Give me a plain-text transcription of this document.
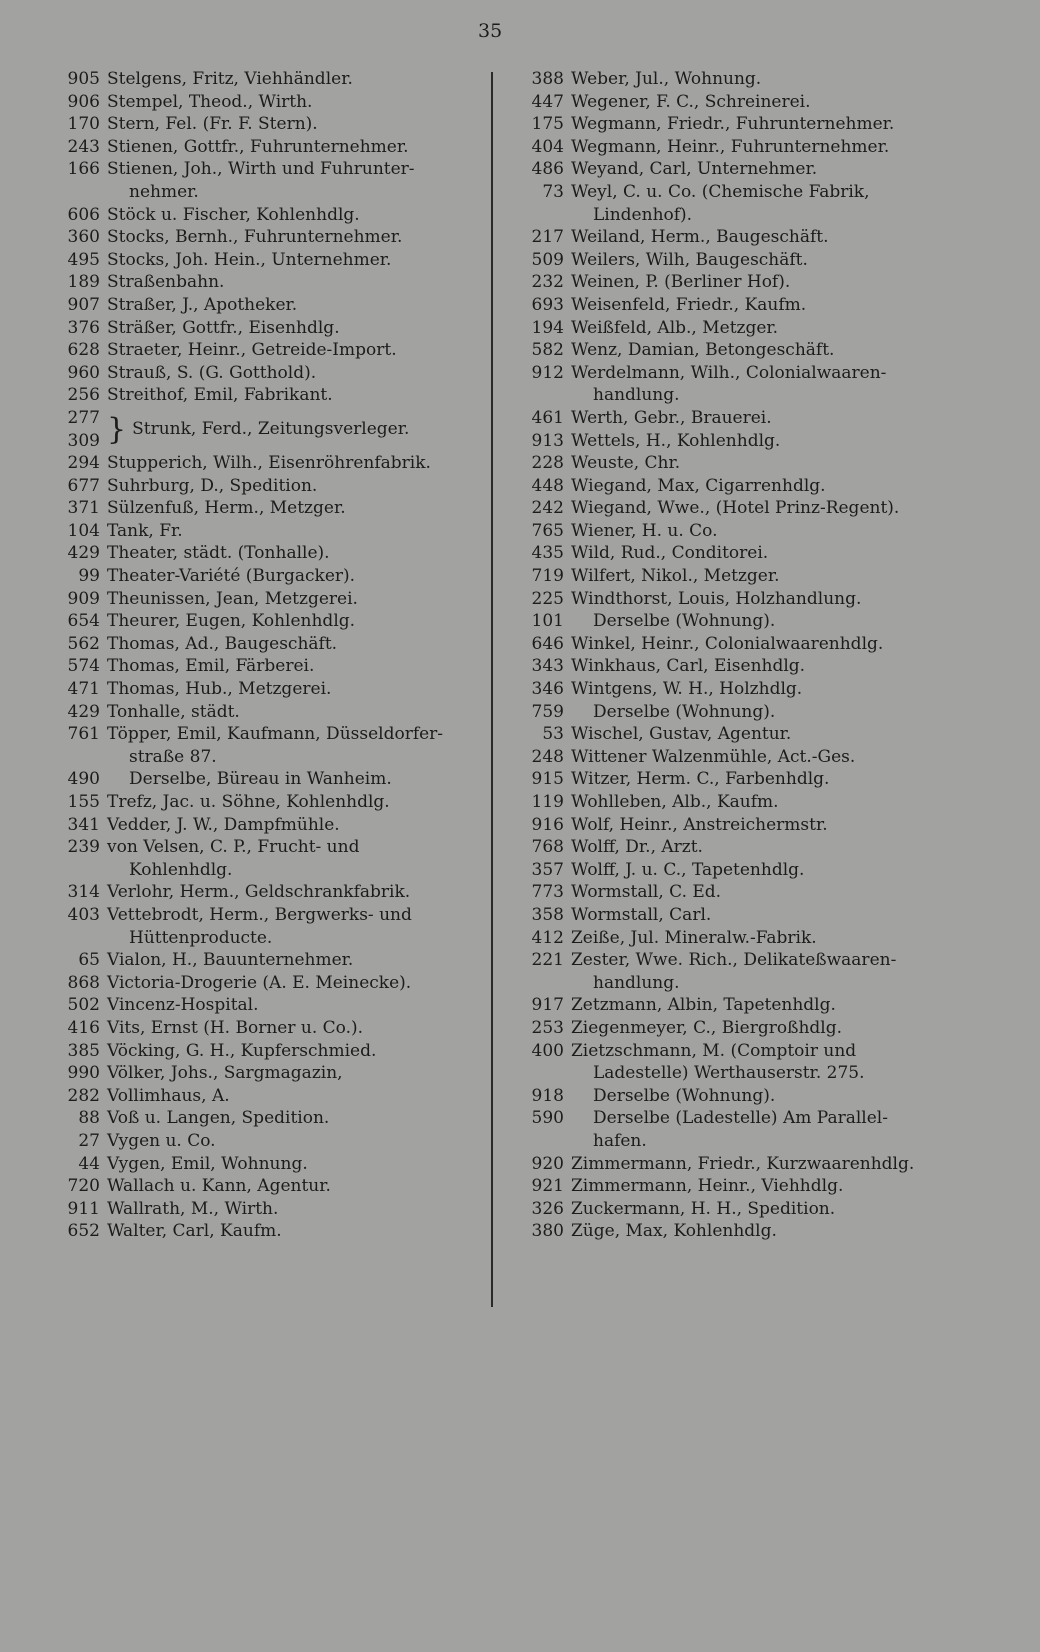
35
905 Stelgens, Fritz, Viehhändler.
906 Stempel, Theod., Wirth.
170 Stern, Fel. (Fr. F. Stern).
243 Stienen, Gottfr., Fuhrunternehmer.
166 Stienen, Joh., Wirth und Fuhrunter-
nehmer.
606 Stöck u. Fischer, Kohlenhdlg.
360 Stocks, Bernh., Fuhrunternehmer.
495 Stocks, Joh. Hein., Unternehmer.
189 Straßenbahn.
907 Straßer, J., Apotheker.
376 Sträßer, Gottfr., Eisenhdlg.
628 Straeter, Heinr., Getreide-Import.
960 Strauß, S. (G. Gotthold).
256 Streithof, Emil, Fabrikant.
277
309 } Strunk, Ferd., Zeitungsverleger.
294 Stupperich, Wilh., Eisenröhrenfabrik.
677 Suhrburg, D., Spedition.
371 Sülzenfuß, Herm., Metzger.
104 Tank, Fr.
429 Theater, städt. (Tonhalle).
99 Theater-Variété (Burgacker).
909 Theunissen, Jean, Metzgerei.
654 Theurer, Eugen, Kohlenhdlg.
562 Thomas, Ad., Baugeschäft.
574 Thomas, Emil, Färberei.
471 Thomas, Hub., Metzgerei.
429 Tonhalle, städt.
761 Töpper, Emil, Kaufmann, Düsseldorfer-
straße 87.
490	Derselbe, Büreau in Wanheim.
155 Trefz, Jac. u. Söhne, Kohlenhdlg.
341 Vedder, J. W., Dampfmühle.
239 von Velsen, C. P., Frucht- und
Kohlenhdlg.
314 Verlohr, Herm., Geldschrankfabrik.
403 Vettebrodt, Herm., Bergwerks- und
Hüttenproducte.
65 Vialon, H., Bauunternehmer.
868 Victoria-Drogerie (A. E. Meinecke).
502 Vincenz-Hospital.
416 Vits, Ernst (H. Borner u. Co.).
385 Vöcking, G. H., Kupferschmied.
990 Völker, Johs., Sargmagazin,
282 Vollimhaus, A.
88 Voß u. Langen, Spedition.
27 Vygen u. Co.
44 Vygen, Emil, Wohnung.
720 Wallach u. Kann, Agentur.
911 Wallrath, M., Wirth.
652 Walter, Carl, Kaufm.
388 Weber, Jul., Wohnung.
447 Wegener, F. C., Schreinerei.
175 Wegmann, Friedr., Fuhrunternehmer.
404 Wegmann, Heinr., Fuhrunternehmer.
486 Weyand, Carl, Unternehmer.
73 Weyl, C. u. Co. (Chemische Fabrik,
Lindenhof).
217 Weiland, Herm., Baugeschäft.
509 Weilers, Wilh, Baugeschäft.
232 Weinen, P. (Berliner Hof).
693 Weisenfeld, Friedr., Kaufm.
194 Weißfeld, Alb., Metzger.
582 Wenz, Damian, Betongeschäft.
912 Werdelmann, Wilh., Colonialwaaren-
handlung.
461 Werth, Gebr., Brauerei.
913 Wettels, H., Kohlenhdlg.
228 Weuste, Chr.
448 Wiegand, Max, Cigarrenhdlg.
242 Wiegand, Wwe., (Hotel Prinz-Regent).
765 Wiener, H. u. Co.
435 Wild, Rud., Conditorei.
719 Wilfert, Nikol., Metzger.
225 Windthorst, Louis, Holzhandlung.
101	Derselbe (Wohnung).
646 Winkel, Heinr., Colonialwaarenhdlg.
343 Winkhaus, Carl, Eisenhdlg.
346 Wintgens, W. H., Holzhdlg.
759	Derselbe (Wohnung).
53 Wischel, Gustav, Agentur.
248 Wittener Walzenmühle, Act.-Ges.
915 Witzer, Herm. C., Farbenhdlg.
119 Wohlleben, Alb., Kaufm.
916 Wolf, Heinr., Anstreichermstr.
768 Wolff, Dr., Arzt.
357 Wolff, J. u. C., Tapetenhdlg.
773 Wormstall, C. Ed.
358 Wormstall, Carl.
412 Zeiße, Jul. Mineralw.-Fabrik.
221 Zester, Wwe. Rich., Delikateßwaaren-
handlung.
917 Zetzmann, Albin, Tapetenhdlg.
253 Ziegenmeyer, C., Biergroßhdlg.
400 Zietzschmann, M. (Comptoir und
Ladestelle) Werthauserstr. 275.
918	Derselbe (Wohnung).
590	Derselbe (Ladestelle) Am Parallel-
hafen.
920 Zimmermann, Friedr., Kurzwaarenhdlg.
921 Zimmermann, Heinr., Viehhdlg.
326 Zuckermann, H. H., Spedition.
380 Züge, Max, Kohlenhdlg.
